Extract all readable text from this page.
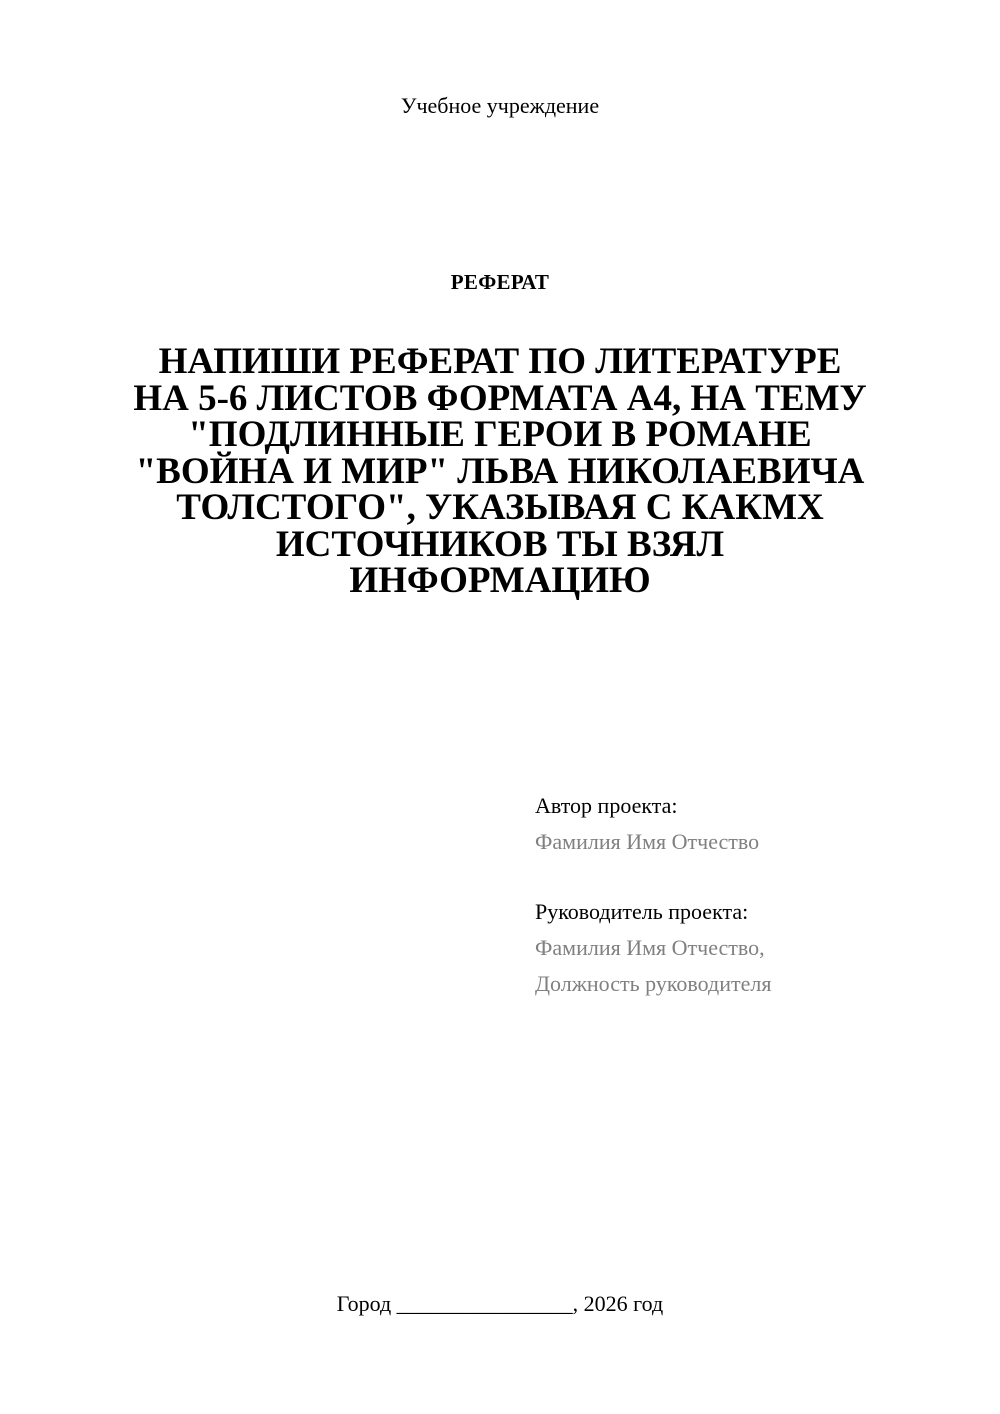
Учебное учреждение
РЕФЕРАТ
НАПИШИ РЕФЕРАТ ПО ЛИТЕРАТУРЕ
НА 5-6 ЛИСТОВ ФОРМАТА А4, НА ТЕМУ
"ПОДЛИННЫЕ ГЕРОИ В РОМАНЕ
"ВОЙНА И МИР" ЛЬВА НИКОЛАЕВИЧА
ТОЛСТОГО", УКАЗЫВАЯ С КАКМХ
ИСТОЧНИКОВ ТЫ ВЗЯЛ
ИНФОРМАЦИЮ
Автор проекта:
Фамилия Имя Отчество
Руководитель проекта:
Фамилия Имя Отчество,
Должность руководителя
Город ________________, 2026 год
